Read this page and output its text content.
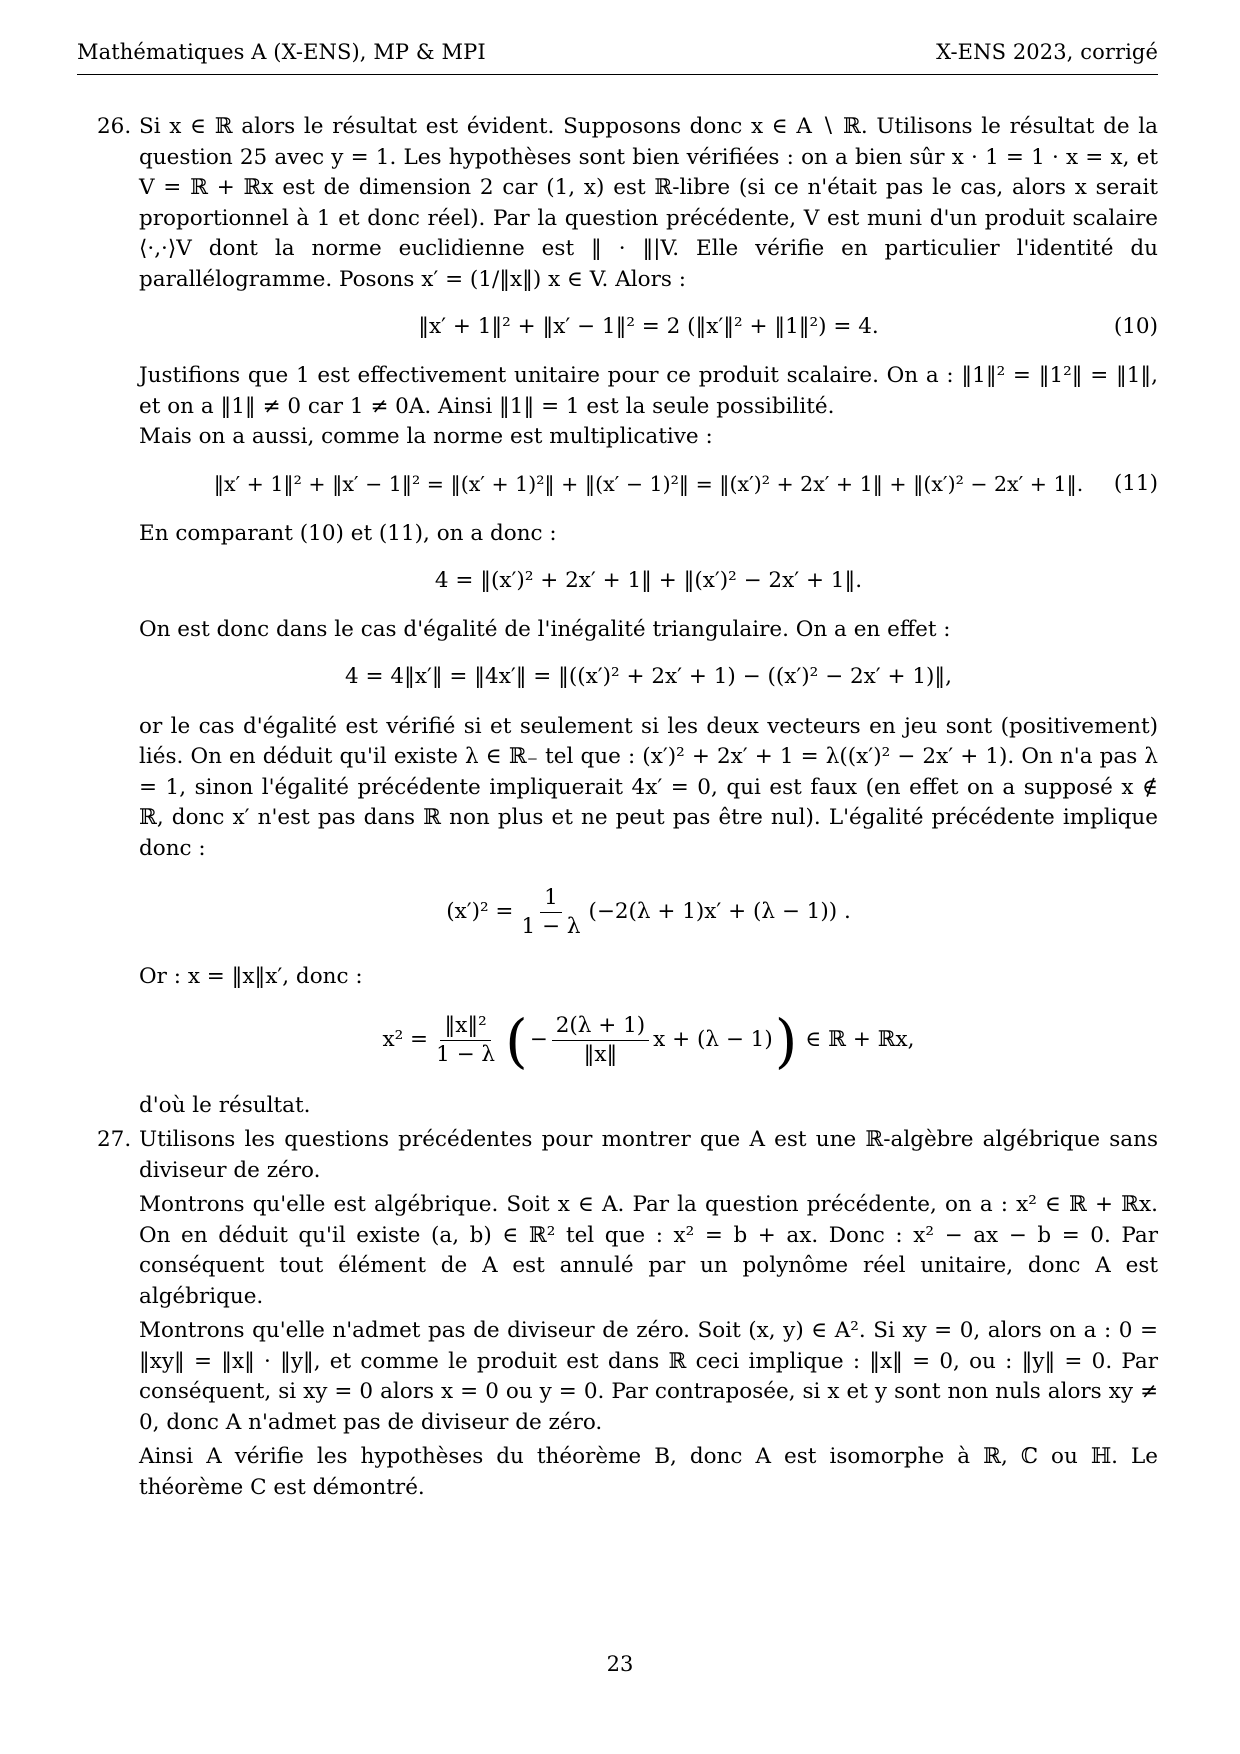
Mathématiques A (X-ENS), MP & MPI	X-ENS 2023, corrigé
26. Si x ∈ ℝ alors le résultat est évident. Supposons donc x ∈ A ∖ ℝ. Utilisons le résultat de la question 25 avec y = 1. Les hypothèses sont bien vérifiées : on a bien sûr x · 1 = 1 · x = x, et V = ℝ + ℝx est de dimension 2 car (1, x) est ℝ-libre (si ce n'était pas le cas, alors x serait proportionnel à 1 et donc réel). Par la question précédente, V est muni d'un produit scalaire ⟨·,·⟩V dont la norme euclidienne est ‖ · ‖|V. Elle vérifie en particulier l'identité du parallélogramme. Posons x′ = (1/‖x‖) x ∈ V. Alors :

‖x′ + 1‖² + ‖x′ − 1‖² = 2 (‖x′‖² + ‖1‖²) = 4.	(10)

Justifions que 1 est effectivement unitaire pour ce produit scalaire. On a : ‖1‖² = ‖1²‖ = ‖1‖, et on a ‖1‖ ≠ 0 car 1 ≠ 0A. Ainsi ‖1‖ = 1 est la seule possibilité.

Mais on a aussi, comme la norme est multiplicative :

‖x′ + 1‖² + ‖x′ − 1‖² = ‖(x′ + 1)²‖ + ‖(x′ − 1)²‖ = ‖(x′)² + 2x′ + 1‖ + ‖(x′)² − 2x′ + 1‖. (11)

En comparant (10) et (11), on a donc :

4 = ‖(x′)² + 2x′ + 1‖ + ‖(x′)² − 2x′ + 1‖.

On est donc dans le cas d'égalité de l'inégalité triangulaire. On a en effet :

4 = 4‖x′‖ = ‖4x′‖ = ‖((x′)² + 2x′ + 1) − ((x′)² − 2x′ + 1)‖,

or le cas d'égalité est vérifié si et seulement si les deux vecteurs en jeu sont (positivement) liés. On en déduit qu'il existe λ ∈ ℝ₋ tel que : (x′)² + 2x′ + 1 = λ((x′)² − 2x′ + 1). On n'a pas λ = 1, sinon l'égalité précédente impliquerait 4x′ = 0, qui est faux (en effet on a supposé x ∉ ℝ, donc x′ n'est pas dans ℝ non plus et ne peut pas être nul). L'égalité précédente implique donc :

$(x')^2 = \frac{1}{1 - \lambda} (-2(\lambda + 1)x' + (\lambda - 1))$ .

Or : x = ‖x‖x′, donc :

$x^2 = \frac{\text{‖x‖²}}{1 - \lambda}$ ( − $\frac{2(\lambda + 1)}{‖x‖}$ x + (λ − 1) ) ∈ ℝ + ℝx,

d'où le résultat.

27. Utilisons les questions précédentes pour montrer que A est une ℝ-algèbre algébrique sans diviseur de zéro.

Montrons qu'elle est algébrique. Soit x ∈ A. Par la question précédente, on a : x² ∈ ℝ + ℝx. On en déduit qu'il existe (a, b) ∈ ℝ² tel que : x² = b + ax. Donc : x² − ax − b = 0. Par conséquent tout élément de A est annulé par un polynôme réel unitaire, donc A est algébrique.

Montrons qu'elle n'admet pas de diviseur de zéro. Soit (x, y) ∈ A². Si xy = 0, alors on a : 0 = ‖xy‖ = ‖x‖ · ‖y‖, et comme le produit est dans ℝ ceci implique : ‖x‖ = 0, ou : ‖y‖ = 0. Par conséquent, si xy = 0 alors x = 0 ou y = 0. Par contraposée, si x et y sont non nuls alors xy ≠ 0, donc A n'admet pas de diviseur de zéro.

Ainsi A vérifie les hypothèses du théorème B, donc A est isomorphe à ℝ, ℂ ou ℍ. Le théorème C est démontré.

23
